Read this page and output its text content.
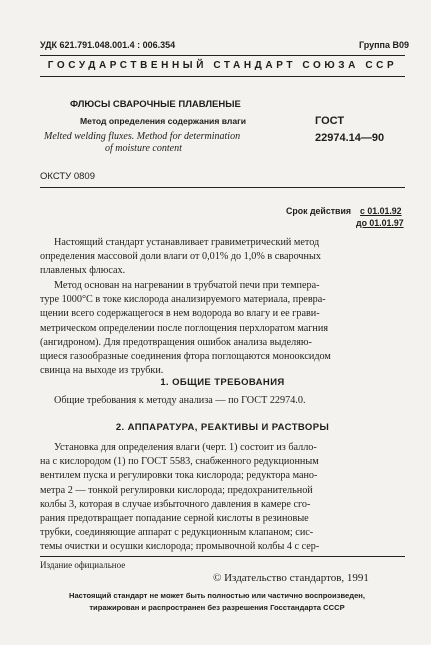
УДК 621.791.048.001.4 : 006.354	Группа В09
ГОСУДАРСТВЕННЫЙ СТАНДАРТ СОЮЗА ССР
ФЛЮСЫ СВАРОЧНЫЕ ПЛАВЛЕНЫЕ
Метод определения содержания влаги
Melted welding fluxes. Method for determination
of moisture content
ГОСТ
22974.14—90
ОКСТУ 0809
Срок действия с 01.01.92
до 01.01.97
Настоящий стандарт устанавливает гравиметрический метод
определения массовой доли влаги от 0,01% до 1,0% в сварочных
плавленых флюсах.
Метод основан на нагревании в трубчатой печи при темпера-
туре 1000°С в токе кислорода анализируемого материала, превра-
щении всего содержащегося в нем водорода во влагу и ее грави-
метрическом определении после поглощения перхлоратом магния
(ангидроном). Для предотвращения ошибок анализа выделяю-
щиеся газообразные соединения фтора поглощаются монооксидом
свинца на выходе из трубки.
1. ОБЩИЕ ТРЕБОВАНИЯ
Общие требования к методу анализа — по ГОСТ 22974.0.
2. АППАРАТУРА, РЕАКТИВЫ И РАСТВОРЫ
Установка для определения влаги (черт. 1) состоит из балло-
на с кислородом (1) по ГОСТ 5583, снабженного редукционным
вентилем пуска и регулировки тока кислорода; редуктора мано-
метра 2 — тонкой регулировки кислорода; предохранительной
колбы 3, которая в случае избыточного давления в камере сго-
рания предотвращает попадание серной кислоты в резиновые
трубки, соединяющие аппарат с редукционным клапаном; сис-
темы очистки и осушки кислорода; промывочной колбы 4 с сер-
Издание официальное
© Издательство стандартов, 1991
Настоящий стандарт не может быть полностью или частично воспроизведен,
тиражирован и распространен без разрешения Госстандарта СССР
